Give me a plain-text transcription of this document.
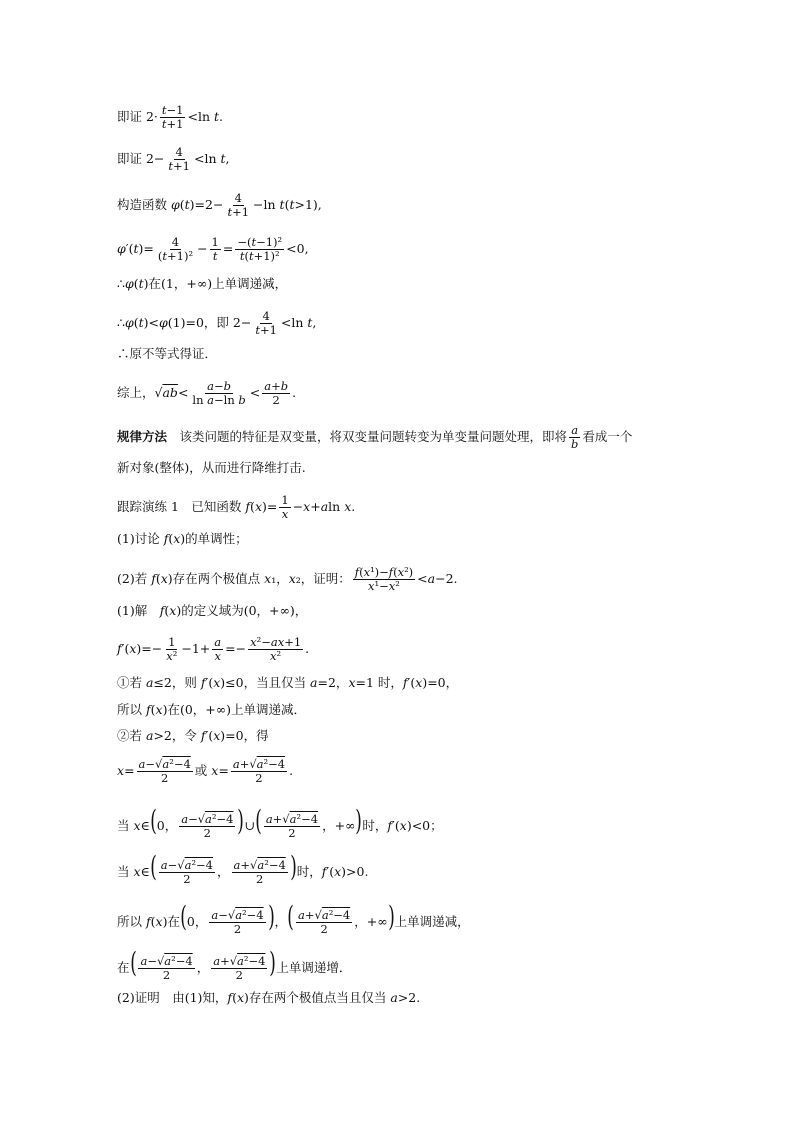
即证 $2\cdot \frac{t-1}{t+1} <\ln$ t.
即证 $2- \frac{4}{t+1} <\ln$ t,
构造函数 $\varphi(t)=2- \frac{4}{t+1} -\ln$ t(t>1),
$\varphi'(t)= \frac{4}{\text{(t+1)²}} - \frac{1}{t} = \frac{\text{−(t−1)²}}{\text{t(t+1)²}} <0$,
∴φ(t)在(1，+∞)上单调递减，
∴φ(t)<φ(1)=0，即 $2- \frac{4}{t+1} <\ln$ t,
∴原不等式得证．
综上，$√ab< \frac{a-b}{\text{ln a−ln b}} < \frac{a+b}{2}$ .
规律方法　该类问题的特征是双变量，将双变量问题转变为单变量问题处理，即将 $\frac{a}{b}$ 看成一个
新对象(整体)，从而进行降维打击.
跟踪演练 1　已知函数 $f(x)= \frac{1}{x} -x+aln$ x.
(1)讨论 f(x)的单调性；
(2)若 f(x)存在两个极值点 x₁，x₂，证明： $\frac{\text{f(x¹)−f(x²)}}{\text{x¹−x²}} <a-2$.
(1)解　f(x)的定义域为(0，+∞)，
$f'(x)=- \frac{1}{\text{x²}} -1+ \frac{a}{x} =- \frac{\text{x²−ax+1}}{\text{x²}}$ .
①若 a≤2，则 f′(x)≤0，当且仅当 a=2，x=1 时，f′(x)=0，
所以 f(x)在(0，+∞)上单调递减．
②若 a>2，令 f′(x)=0，得
$x= \frac{\text{a−√a²−4}}{2}$ 或 $x= \frac{\text{a+√a²−4}}{2}$ .
当 x∈(0， $\frac{\text{a−√a²−4}}{2}$ )∪( $\frac{\text{a+√a²−4}}{2}$ ，+∞)时，f′(x)<0；
当 x∈( $\frac{\text{a−√a²−4}}{2}$ ， $\frac{\text{a+√a²−4}}{2}$ )时，f′(x)>0.
所以 f(x)在(0， $\frac{\text{a−√a²−4}}{2}$ )，( $\frac{\text{a+√a²−4}}{2}$ ，+∞)上单调递减，
在( $\frac{\text{a−√a²−4}}{2}$ ， $\frac{\text{a+√a²−4}}{2}$ )上单调递增．
(2)证明　由(1)知，f(x)存在两个极值点当且仅当 a>2.
